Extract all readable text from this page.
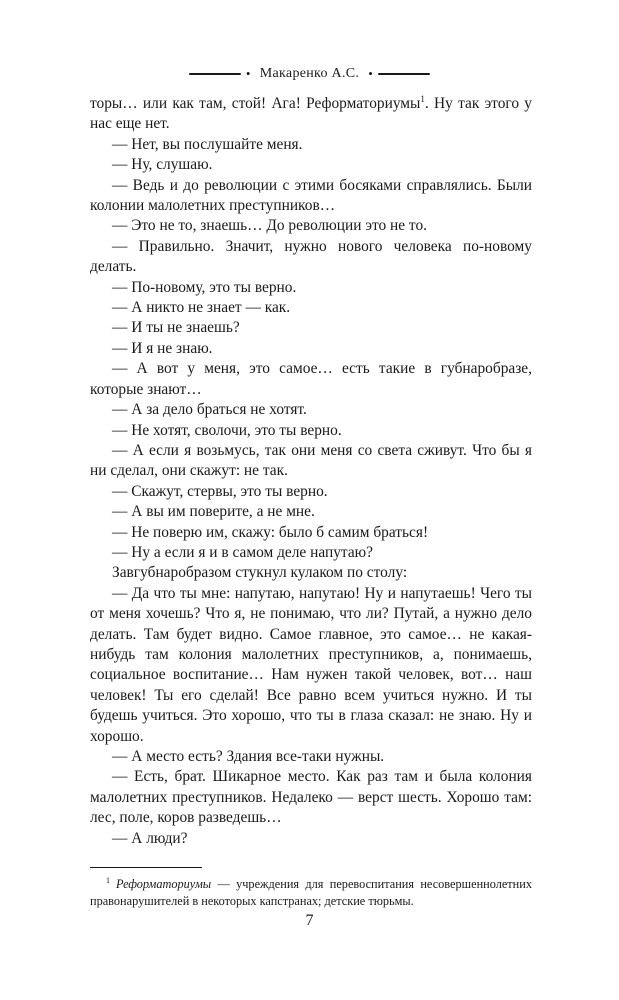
• Макаренко А.С. •

торы… или как там, стой! Ага! Реформаториумы$^1$. Ну так этого у нас еще нет.

— Нет, вы послушайте меня.

— Ну, слушаю.

— Ведь и до революции с этими босяками справлялись. Были колонии малолетних преступников…

— Это не то, знаешь… До революции это не то.

— Правильно. Значит, нужно нового человека по-новому делать.

— По-новому, это ты верно.

— А никто не знает — как.

— И ты не знаешь?

— И я не знаю.

— А вот у меня, это самое… есть такие в губнаробразе, которые знают…

— А за дело браться не хотят.

— Не хотят, сволочи, это ты верно.

— А если я возьмусь, так они меня со света сживут. Что бы я ни сделал, они скажут: не так.

— Скажут, стервы, это ты верно.

— А вы им поверите, а не мне.

— Не поверю им, скажу: было б самим браться!

— Ну а если я и в самом деле напутаю?

Завгубнаробразом стукнул кулаком по столу:

— Да что ты мне: напутаю, напутаю! Ну и напутаешь! Чего ты от меня хочешь? Что я, не понимаю, что ли? Путай, а нужно дело делать. Там будет видно. Самое главное, это самое… не какая-нибудь там колония малолетних преступников, а, понимаешь, социальное воспитание… Нам нужен такой человек, вот… наш человек! Ты его сделай! Все равно всем учиться нужно. И ты будешь учиться. Это хорошо, что ты в глаза сказал: не знаю. Ну и хорошо.

— А место есть? Здания все-таки нужны.

— Есть, брат. Шикарное место. Как раз там и была колония малолетних преступников. Недалеко — верст шесть. Хорошо там: лес, поле, коров разведешь…

— А люди?

$^1$ Реформаториумы — учреждения для перевоспитания несовершеннолетних правонарушителей в некоторых капстранах; детские тюрьмы.
7
